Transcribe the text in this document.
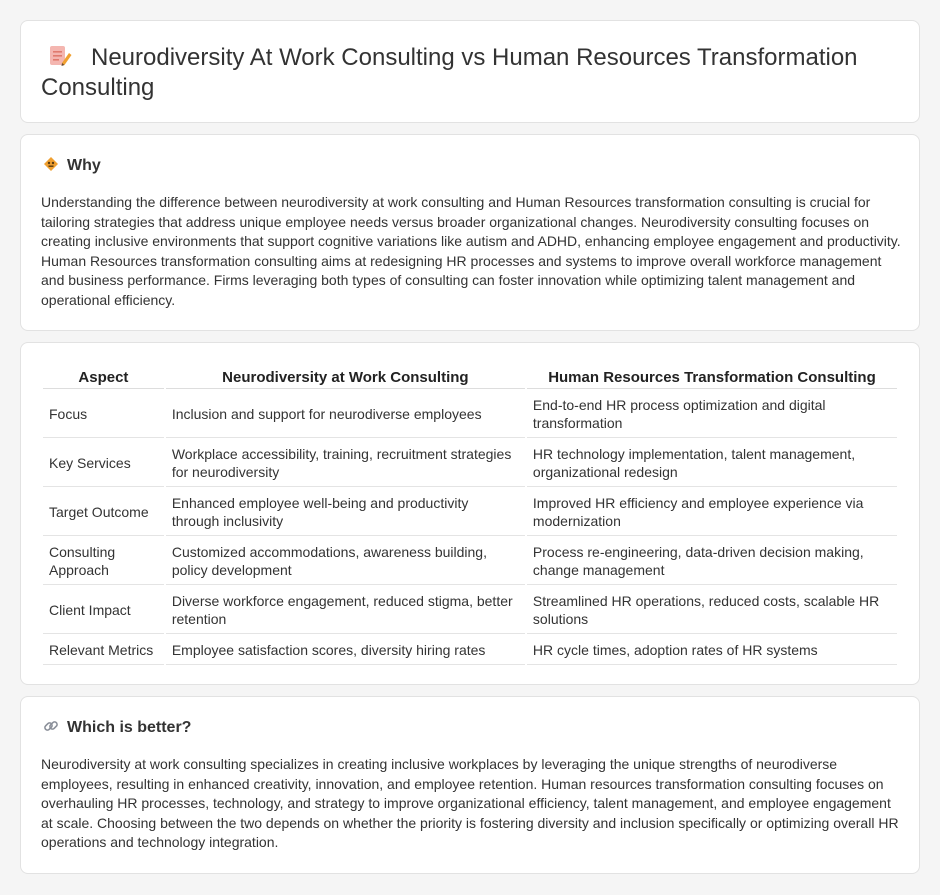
Neurodiversity At Work Consulting vs Human Resources Transformation Consulting
Why

Understanding the difference between neurodiversity at work consulting and Human Resources transformation consulting is crucial for tailoring strategies that address unique employee needs versus broader organizational changes. Neurodiversity consulting focuses on creating inclusive environments that support cognitive variations like autism and ADHD, enhancing employee engagement and productivity. Human Resources transformation consulting aims at redesigning HR processes and systems to improve overall workforce management and business performance. Firms leveraging both types of consulting can foster innovation while optimizing talent management and operational efficiency.

Aspect	Neurodiversity at Work Consulting	Human Resources Transformation Consulting
Focus	Inclusion and support for neurodiverse employees	End-to-end HR process optimization and digital transformation
Key Services	Workplace accessibility, training, recruitment strategies for neurodiversity	HR technology implementation, talent management, organizational redesign
Target Outcome	Enhanced employee well-being and productivity through inclusivity	Improved HR efficiency and employee experience via modernization
Consulting Approach	Customized accommodations, awareness building, policy development	Process re-engineering, data-driven decision making, change management
Client Impact	Diverse workforce engagement, reduced stigma, better retention	Streamlined HR operations, reduced costs, scalable HR solutions
Relevant Metrics	Employee satisfaction scores, diversity hiring rates	HR cycle times, adoption rates of HR systems
Which is better?

Neurodiversity at work consulting specializes in creating inclusive workplaces by leveraging the unique strengths of neurodiverse employees, resulting in enhanced creativity, innovation, and employee retention. Human resources transformation consulting focuses on overhauling HR processes, technology, and strategy to improve organizational efficiency, talent management, and employee engagement at scale. Choosing between the two depends on whether the priority is fostering diversity and inclusion specifically or optimizing overall HR operations and technology integration.
